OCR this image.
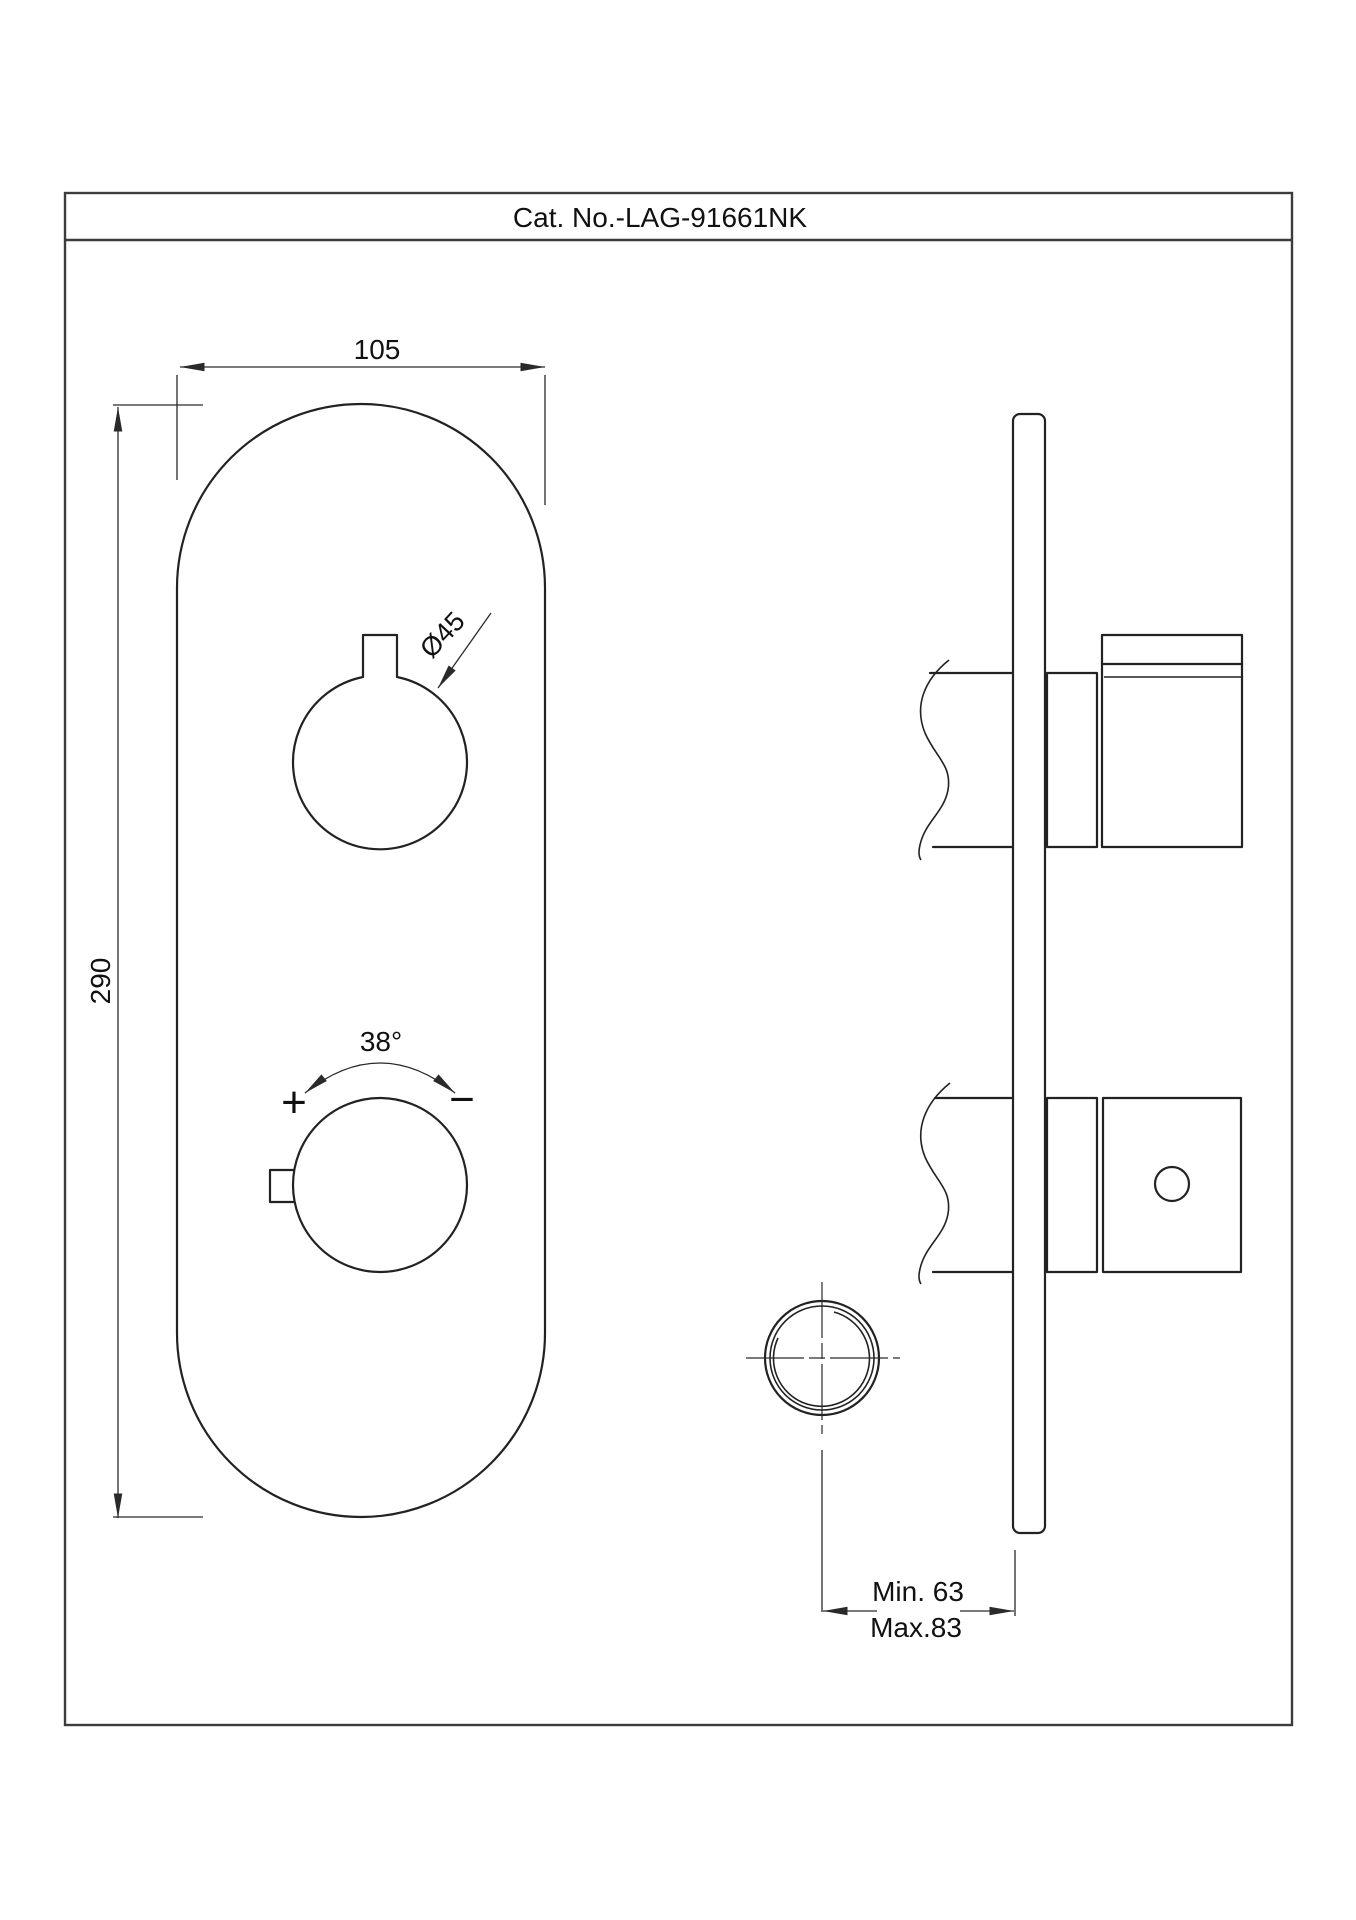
Cat. No.-LAG-91661NK
Ø45
38°
+	−
105
290
Min. 63
Max.83
